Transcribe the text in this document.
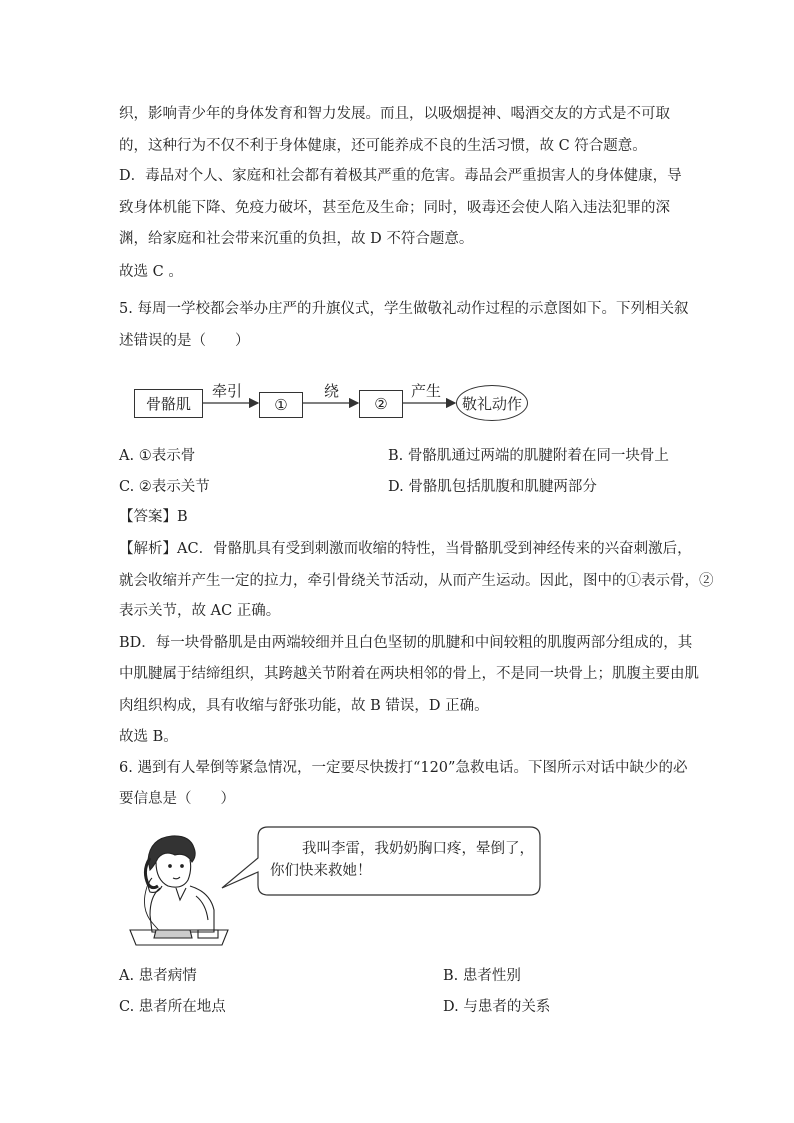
织，影响青少年的身体发育和智力发展。而且，以吸烟提神、喝酒交友的方式是不可取
的，这种行为不仅不利于身体健康，还可能养成不良的生活习惯，故 C 符合题意。
D．毒品对个人、家庭和社会都有着极其严重的危害。毒品会严重损害人的身体健康，导
致身体机能下降、免疫力破坏，甚至危及生命；同时，吸毒还会使人陷入违法犯罪的深
渊，给家庭和社会带来沉重的负担，故 D 不符合题意。
故选 C 。
5. 每周一学校都会举办庄严的升旗仪式，学生做敬礼动作过程的示意图如下。下列相关叙
述错误的是（　　）
骨骼肌
牵引
①
绕
②
产生
敬礼动作
A. ①表示骨	B. 骨骼肌通过两端的肌腱附着在同一块骨上
C. ②表示关节	D. 骨骼肌包括肌腹和肌腱两部分
【答案】B
【解析】AC．骨骼肌具有受到刺激而收缩的特性，当骨骼肌受到神经传来的兴奋刺激后，
就会收缩并产生一定的拉力，牵引骨绕关节活动，从而产生运动。因此，图中的①表示骨，②
表示关节，故 AC 正确。
BD．每一块骨骼肌是由两端较细并且白色坚韧的肌腱和中间较粗的肌腹两部分组成的，其
中肌腱属于结缔组织，其跨越关节附着在两块相邻的骨上，不是同一块骨上；肌腹主要由肌
肉组织构成，具有收缩与舒张功能，故 B 错误，D 正确。
故选 B。
6. 遇到有人晕倒等紧急情况，一定要尽快拨打“120”急救电话。下图所示对话中缺少的必
要信息是（　　）
我叫李雷，我奶奶胸口疼，晕倒了，
你们快来救她！
A. 患者病情	B. 患者性别
C. 患者所在地点	D. 与患者的关系
